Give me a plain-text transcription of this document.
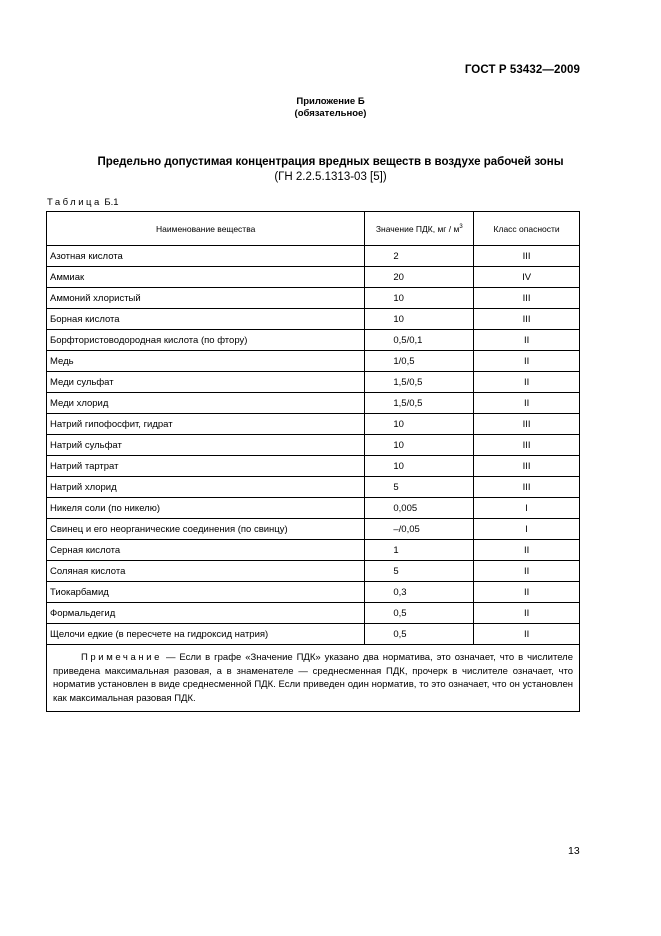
ГОСТ Р 53432—2009
Приложение Б
(обязательное)
Предельно допустимая концентрация вредных веществ в воздухе рабочей зоны
(ГН 2.2.5.1313-03 [5])
Таблица Б.1
Наименование вещества	Значение ПДК, мг / $м^3$	Класс опасности
Азотная кислота	2	III
Аммиак	20	IV
Аммоний хлористый	10	III
Борная кислота	10	III
Борфтористоводородная кислота (по фтору)	0,5/0,1	II
Медь	1/0,5	II
Меди сульфат	1,5/0,5	II
Меди хлорид	1,5/0,5	II
Натрий гипофосфит, гидрат	10	III
Натрий сульфат	10	III
Натрий тартрат	10	III
Натрий хлорид	5	III
Никеля соли (по никелю)	0,005	I
Свинец и его неорганические соединения (по свинцу)	–/0,05	I
Серная кислота	1	II
Соляная кислота	5	II
Тиокарбамид	0,3	II
Формальдегид	0,5	II
Щелочи едкие (в пересчете на гидроксид натрия)	0,5	II
Примечание — Если в графе «Значение ПДК» указано два норматива, это означает, что в числителе приведена максимальная разовая, а в знаменателе — среднесменная ПДК, прочерк в числителе означает, что норматив установлен в виде среднесменной ПДК. Если приведен один норматив, то это означает, что он установлен как максимальная разовая ПДК.		
13
